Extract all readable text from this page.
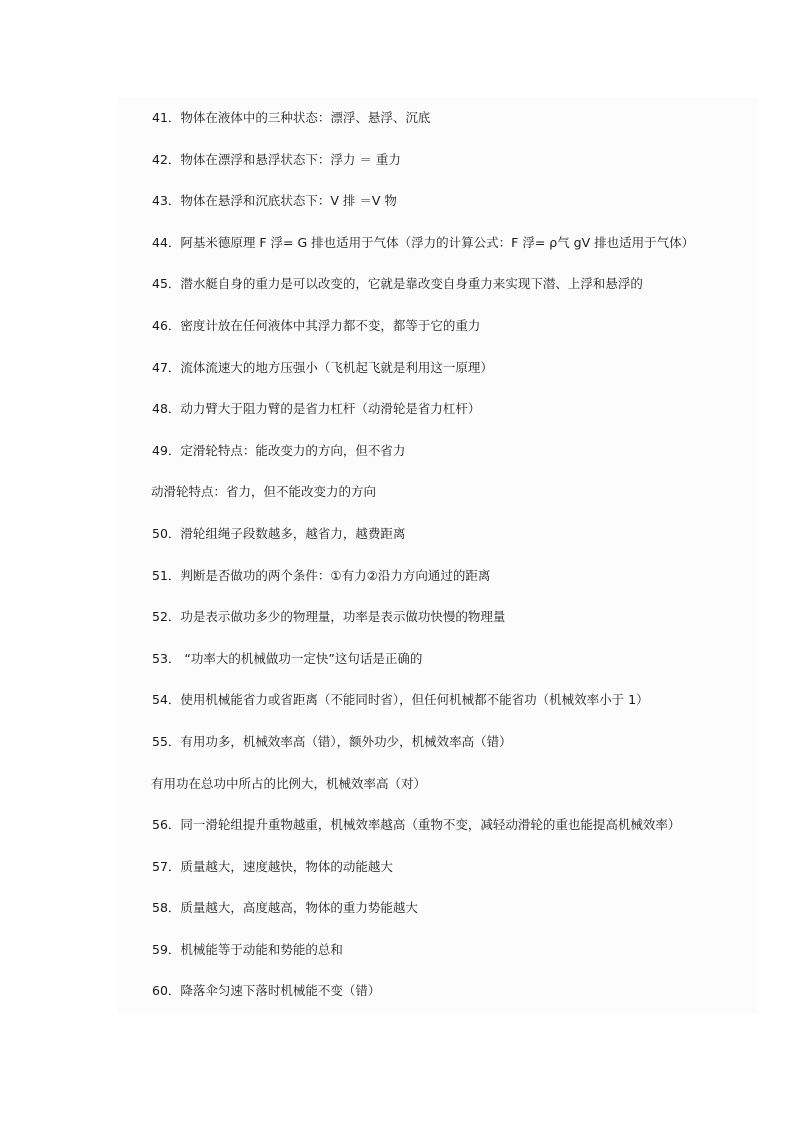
41．物体在液体中的三种状态：漂浮、悬浮、沉底
42．物体在漂浮和悬浮状态下：浮力 ＝ 重力
43．物体在悬浮和沉底状态下：V 排 ＝V 物
44．阿基米德原理 F 浮= G 排也适用于气体（浮力的计算公式：F 浮= ρ气 gV 排也适用于气体）
45．潜水艇自身的重力是可以改变的，它就是靠改变自身重力来实现下潜、上浮和悬浮的
46．密度计放在任何液体中其浮力都不变，都等于它的重力
47．流体流速大的地方压强小（飞机起飞就是利用这一原理）
48．动力臂大于阻力臂的是省力杠杆（动滑轮是省力杠杆）
49．定滑轮特点：能改变力的方向，但不省力
动滑轮特点：省力，但不能改变力的方向
50．滑轮组绳子段数越多，越省力，越费距离
51．判断是否做功的两个条件：①有力②沿力方向通过的距离
52．功是表示做功多少的物理量，功率是表示做功快慢的物理量
53． “功率大的机械做功一定快”这句话是正确的
54．使用机械能省力或省距离（不能同时省），但任何机械都不能省功（机械效率小于 1）
55．有用功多，机械效率高（错），额外功少，机械效率高（错）
有用功在总功中所占的比例大，机械效率高（对）
56．同一滑轮组提升重物越重，机械效率越高（重物不变，减轻动滑轮的重也能提高机械效率）
57．质量越大，速度越快，物体的动能越大
58．质量越大，高度越高，物体的重力势能越大
59．机械能等于动能和势能的总和
60．降落伞匀速下落时机械能不变（错）
